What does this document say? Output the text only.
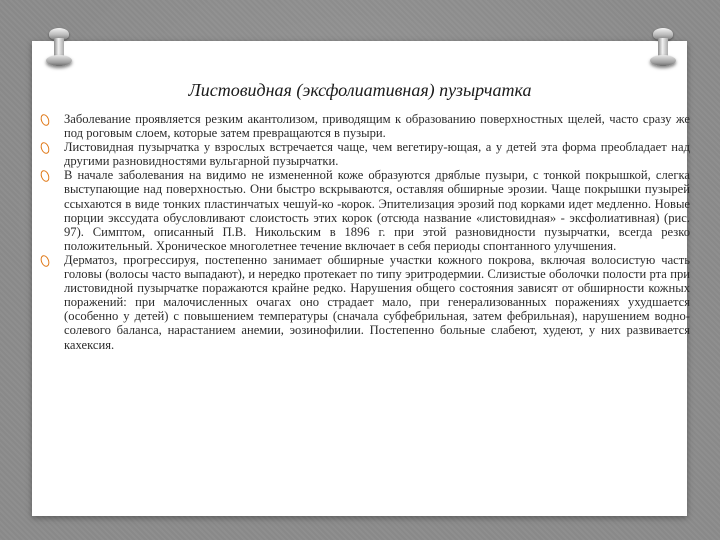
Листовидная (эксфолиативная) пузырчатка
Заболевание проявляется резким акантолизом, приводящим к образованию поверхностных щелей, часто сразу же под роговым слоем, которые затем превращаются в пузыри.
Листовидная пузырчатка у взрослых встречается чаще, чем вегетиру-ющая, а у детей эта форма преобладает над другими разновидностями вульгарной пузырчатки.
В начале заболевания на видимо не измененной коже образуются дряблые пузыри, с тонкой покрышкой, слегка выступающие над поверхностью. Они быстро вскрываются, оставляя обширные эрозии. Чаще покрышки пузырей ссыхаются в виде тонких пластинчатых чешуй-ко -корок. Эпителизация эрозий под корками идет медленно. Новые порции экссудата обусловливают слоистость этих корок (отсюда название «листовидная» - эксфолиативная) (рис. 97). Симптом, описанный П.В. Никольским в 1896 г. при этой разновидности пузырчатки, всегда резко положительный. Хроническое многолетнее течение включает в себя периоды спонтанного улучшения.
Дерматоз, прогрессируя, постепенно занимает обширные участки кожного покрова, включая волосистую часть головы (волосы часто выпадают), и нередко протекает по типу эритродермии. Слизистые оболочки полости рта при листовидной пузырчатке поражаются крайне редко. Нарушения общего состояния зависят от обширности кожных поражений: при малочисленных очагах оно страдает мало, при генерализованных поражениях ухудшается (особенно у детей) с повышением температуры (сначала субфебрильная, затем фебрильная), нарушением водно-солевого баланса, нарастанием анемии, эозинофилии. Постепенно больные слабеют, худеют, у них развивается кахексия.
